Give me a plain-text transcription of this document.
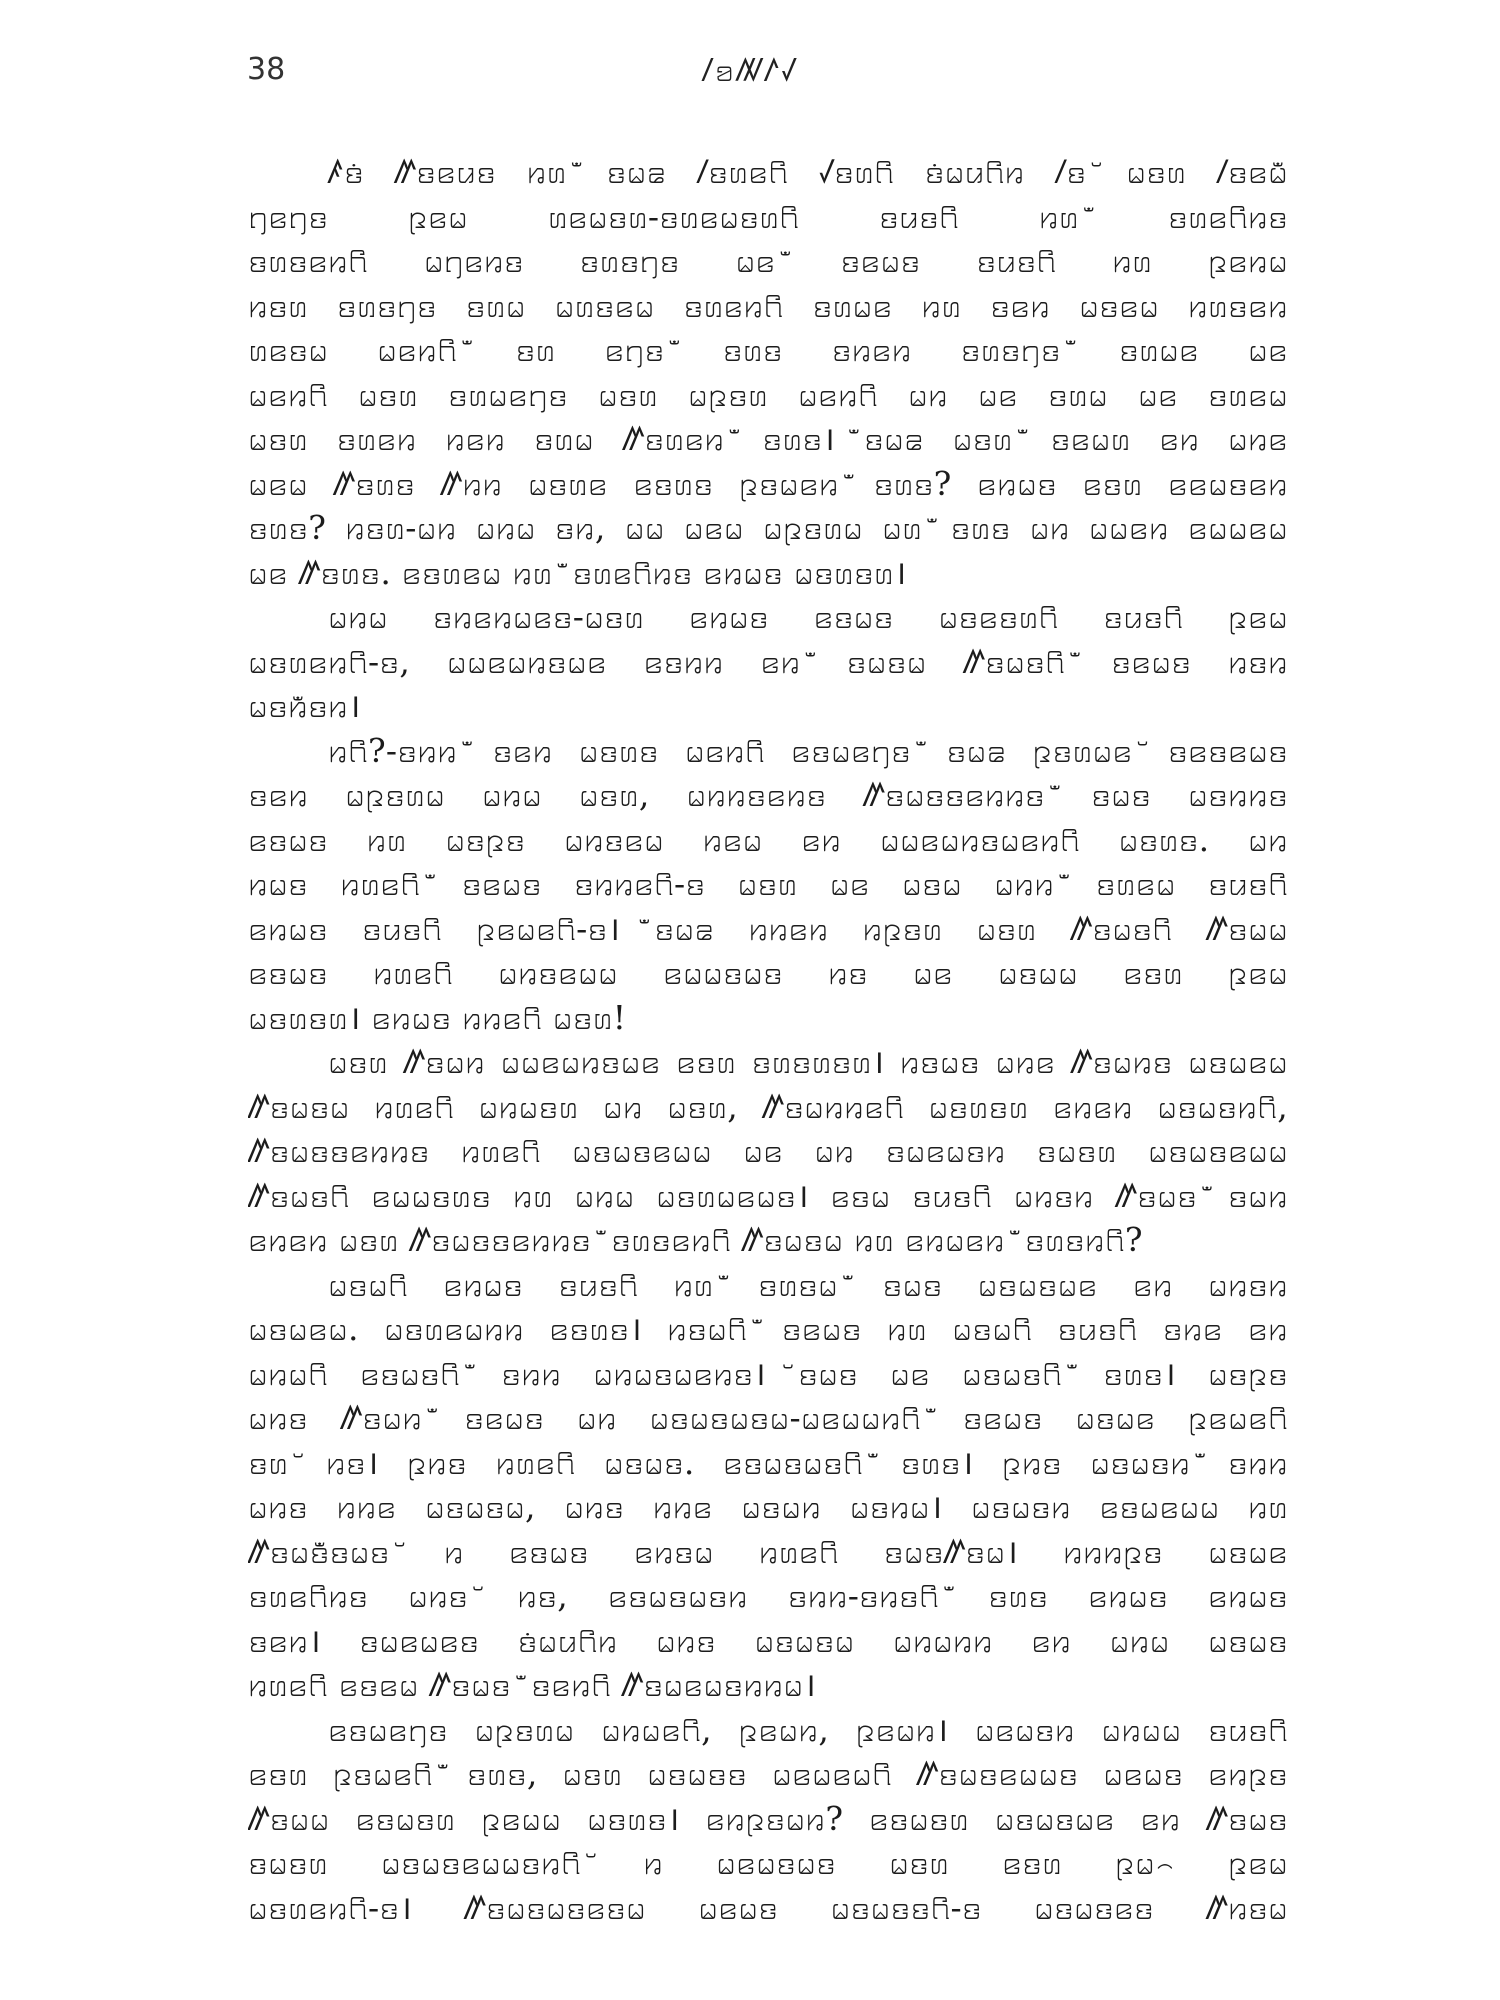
38	ꤷꤤꤲꤱꤶ
ꤰꤢꤦ ꤼꤢꤕꤣꤢ ꤙꤛ ꤪꤢꤗꤘ ꤷꤢꤛꤕꤖ ꤶꤢꤛꤖ ꤢꤦꤗꤣꤖꤙ ꤷꤢ ꤩꤗꤢꤛ ꤷꤢꤕꤗꤪ
ꤩꤚꤕꤚꤢ ꤐꤕꤗ ꤛꤕꤗꤢꤛ-ꤢꤛꤕꤗꤢꤛꤖ ꤢꤣꤢꤖ ꤙꤛ ꤪꤢꤛꤕꤖꤙꤢ
ꤢꤛꤢꤕꤙꤖ ꤗꤚꤕꤙꤢ ꤢꤛꤢꤚꤢ ꤗꤕ ꤪꤢꤕꤗꤢ ꤢꤣꤢꤖ ꤙꤛ ꤐꤕꤙꤗ
ꤙꤢꤛ ꤢꤛꤢꤚꤢ ꤢꤛꤗ ꤗꤛꤢꤕꤗ ꤢꤛꤕꤙꤖ ꤢꤛꤗꤕ ꤙꤛ ꤢꤕꤙ ꤗꤢꤕꤗ ꤙꤛꤢꤕꤙ
ꤩꤛꤕꤢꤗ ꤗꤕꤙꤖ ꤪꤢꤛ ꤕꤚꤢ ꤪꤢꤛꤢ ꤢꤙꤕꤙ ꤢꤛꤢꤚꤢ ꤪꤢꤛꤗꤕ ꤗꤕ
ꤗꤕꤙꤖ ꤗꤢꤛ ꤢꤛꤗꤕꤚꤢ ꤗꤢꤛ ꤗꤐꤢꤛ ꤗꤕꤙꤖ ꤗꤙ ꤗꤕ ꤢꤛꤗ ꤗꤕ ꤢꤛꤕꤗ
ꤗꤢꤛ ꤢꤛꤕꤙ ꤙꤕꤙ ꤢꤛꤗ ꤼꤢꤛꤕꤙ ꤪꤢꤛꤢ। ꤪꤢꤗꤘ ꤗꤢꤛ ꤪꤢꤕꤗꤛ ꤕꤙ ꤗꤙꤕ
ꤗꤕꤗ ꤼꤢꤛꤢ ꤼꤙꤙ ꤗꤢꤛꤕ ꤕꤢꤛꤢ ꤐꤢꤗꤕꤙ ꤪꤢꤛꤢ? ꤕꤙꤗꤢ ꤕꤢꤛ ꤕꤕꤗꤢꤕꤙ
ꤪꤢꤛꤢ? ꤙꤢꤛ-ꤗꤙ ꤗꤙꤗ ꤢꤙ, ꤗꤗ ꤗꤕꤗ ꤗꤐꤢꤛꤗ ꤗꤛ ꤪꤢꤛꤢ ꤗꤙ ꤗꤗꤕꤙ ꤕꤗꤗꤕꤗ
ꤗꤕ ꤼꤢꤛꤢ. ꤕꤢꤛꤕꤗ ꤙꤛ ꤪꤢꤛꤕꤖꤙꤢ ꤕꤙꤗꤢ ꤗꤢꤛꤢꤛ।
ꤗꤙꤗ ꤢꤙꤕꤙꤗꤕꤢ-ꤗꤢꤛ ꤕꤙꤗꤢ ꤕꤢꤗꤢ ꤗꤢꤕꤢꤛꤖ ꤢꤣꤢꤖ ꤐꤕꤗ
ꤗꤢꤛꤕꤙꤖ-ꤢ, ꤗꤗꤕꤗꤙꤢꤗꤕ ꤕꤢꤙꤙ ꤕꤙ ꤪꤢꤗꤢꤗ ꤼꤢꤗꤢꤖ ꤪꤢꤕꤗꤢ ꤙꤢꤙ
ꤗꤢꤙꤪꤢꤙ।
ꤙꤖ?-ꤢꤙꤙ ꤪꤢꤕꤙ ꤗꤢꤛꤢ ꤗꤕꤙꤖ ꤕꤢꤗꤕꤚꤢ ꤪꤢꤗꤘ ꤐꤢꤛꤗꤕ ꤩꤢꤕꤢꤕꤗꤢ
ꤪꤢꤕꤙ ꤗꤐꤢꤛꤗ ꤗꤙꤗ ꤗꤢꤛ, ꤗꤙꤙꤢꤕꤙꤢ ꤼꤢꤗꤢꤢꤕꤙꤙꤢ ꤪꤢꤗꤢ ꤗꤢꤙꤙꤢ
ꤕꤢꤗꤢ ꤙꤛ ꤗꤢꤐꤢ ꤗꤙꤢꤕꤗ ꤙꤕꤗ ꤕꤙ ꤗꤗꤕꤗꤙꤢꤗꤕꤙꤖ ꤗꤢꤛꤢ. ꤗꤙ
ꤙꤗꤢ ꤙꤛꤕꤖ ꤪꤢꤕꤗꤢ ꤢꤙꤙꤕꤖ-ꤢ ꤗꤢꤛ ꤗꤕ ꤗꤢꤗ ꤗꤙꤙ ꤪꤢꤛꤕꤗ ꤢꤣꤢꤖ
ꤕꤙꤗꤢ ꤢꤣꤢꤖ ꤐꤕꤗꤕꤖ-ꤢ। ꤪꤢꤗꤘ ꤙꤙꤕꤙ ꤙꤐꤢꤛ ꤗꤢꤛ ꤼꤢꤗꤢꤖ ꤼꤢꤗꤗ
ꤕꤢꤗꤢ ꤙꤛꤕꤖ ꤗꤙꤢꤕꤗꤗ ꤕꤗꤗꤢꤗꤢ ꤙꤢ ꤗꤕ ꤗꤢꤗꤗ ꤕꤢꤛ ꤐꤕꤗ
ꤗꤢꤛꤢꤛ। ꤕꤙꤗꤢ ꤙꤙꤕꤖ ꤗꤢꤛ!
ꤗꤢꤛ ꤼꤢꤗꤙ ꤗꤗꤕꤗꤙꤢꤗꤕ ꤕꤢꤛ ꤢꤛꤢꤛꤢꤛ। ꤙꤢꤗꤢ ꤗꤙꤕ ꤼꤢꤗꤙꤢ ꤗꤢꤗꤕꤗ
ꤼꤢꤗꤢꤗ ꤙꤛꤕꤖ ꤗꤙꤗꤢꤛ ꤗꤙ ꤗꤢꤛ, ꤼꤢꤗꤙꤙꤕꤖ ꤗꤢꤛꤢꤛ ꤕꤙꤕꤙ ꤗꤢꤗꤢꤙꤖ,
ꤼꤢꤗꤢꤢꤕꤙꤙꤢ ꤙꤛꤕꤖ ꤗꤢꤗꤢꤕꤗꤗ ꤗꤕ ꤗꤙ ꤢꤗꤕꤗꤢꤙ ꤢꤗꤢꤛ ꤗꤢꤗꤢꤕꤗꤗ
ꤼꤢꤗꤢꤖ ꤕꤗꤗꤢꤛꤢ ꤙꤛ ꤗꤙꤗ ꤗꤢꤛꤗꤕꤗꤢ। ꤕꤢꤗ ꤢꤣꤢꤖ ꤗꤙꤢꤙ ꤼꤢꤗꤢ ꤪꤢꤗꤙ
ꤕꤙꤕꤙ ꤗꤢꤛ ꤼꤢꤗꤢꤢꤕꤙꤙꤢ ꤪꤢꤛꤢꤕꤙꤖ ꤼꤢꤗꤢꤗ ꤙꤛ ꤕꤙꤗꤕꤙ ꤪꤢꤛꤢꤙꤖ?
ꤗꤢꤗꤖ ꤕꤙꤗꤢ ꤢꤣꤢꤖ ꤙꤛ ꤪꤢꤛꤢꤗ ꤪꤢꤗꤢ ꤗꤢꤗꤢꤗꤕ ꤕꤙ ꤗꤙꤢꤙ
ꤗꤢꤗꤕꤗ. ꤗꤢꤛꤕꤗꤙꤙ ꤕꤢꤛꤢ। ꤙꤢꤗꤖ ꤪꤢꤕꤗꤢ ꤙꤛ ꤗꤢꤗꤖ ꤢꤣꤢꤖ ꤢꤙꤕ ꤕꤙ
ꤗꤙꤗꤖ ꤕꤢꤗꤢꤖ ꤪꤢꤙꤙ ꤗꤙꤗꤢꤗꤕꤙꤢ। ꤩꤢꤗꤢ ꤗꤕ ꤗꤢꤗꤢꤖ ꤪꤢꤛꤢ। ꤗꤢꤐꤢ
ꤗꤙꤢ ꤼꤢꤗꤙ ꤪꤢꤕꤗꤢ ꤗꤙ ꤗꤢꤗꤢꤗꤢꤗ-ꤗꤕꤗꤗꤙꤖ ꤪꤢꤕꤗꤢ ꤗꤢꤗꤕ ꤐꤕꤗꤕꤖ
ꤪꤢꤛ ꤩꤙꤢ। ꤐꤙꤢ ꤙꤛꤕꤖ ꤗꤢꤗꤢ. ꤕꤢꤗꤢꤗꤢꤖ ꤪꤢꤛꤢ। ꤐꤙꤢ ꤗꤢꤗꤢꤙ ꤪꤢꤙꤙ
ꤗꤙꤢ ꤙꤙꤕ ꤗꤢꤗꤢꤗ, ꤗꤙꤢ ꤙꤙꤕ ꤗꤢꤗꤙ ꤗꤢꤙꤗ। ꤗꤢꤗꤢꤙ ꤕꤢꤗꤕꤗꤗ ꤙꤛ
ꤼꤢꤗꤢꤪꤢꤗꤢ ꤩꤙ ꤕꤢꤗꤢ ꤕꤙꤢꤗ ꤙꤛꤕꤖ ꤢꤗꤢꤼꤢꤗ। ꤙꤙꤙꤐꤢ ꤗꤢꤗꤕ
ꤪꤢꤛꤕꤖꤙꤢ ꤗꤙꤢ ꤩꤙꤢ, ꤕꤢꤗꤢꤗꤢꤙ ꤢꤙꤙ-ꤢꤙꤢꤖ ꤪꤢꤛꤢ ꤕꤙꤗꤢ ꤕꤙꤗꤢ
ꤪꤢꤕꤙ। ꤢꤗꤕꤗꤕꤢ ꤢꤦꤗꤣꤖꤙ ꤗꤙꤢ ꤗꤢꤗꤢꤗ ꤗꤙꤗꤙꤙ ꤕꤙ ꤗꤙꤗ ꤗꤢꤗꤢ
ꤙꤛꤕꤖ ꤕꤢꤕꤗ ꤼꤢꤗꤢ ꤪꤢꤕꤙꤖ ꤼꤢꤗꤕꤗꤢꤙꤙꤗ।
ꤕꤢꤗꤕꤚꤢ ꤗꤐꤢꤛꤗ ꤗꤙꤗꤕꤖ, ꤐꤕꤗꤙ, ꤐꤕꤗꤙ। ꤗꤕꤗꤢꤙ ꤗꤙꤗꤗ ꤢꤣꤢꤖ
ꤕꤢꤛ ꤐꤢꤗꤕꤖ ꤪꤢꤛꤢ, ꤗꤢꤛ ꤗꤢꤗꤢꤢ ꤗꤕꤗꤕꤗꤖ ꤼꤢꤗꤢꤕꤗꤗꤢ ꤗꤕꤗꤢ ꤕꤙꤐꤢ
ꤼꤢꤗꤗ ꤕꤢꤗꤢꤛ ꤐꤕꤗꤗ ꤗꤢꤛꤢ। ꤕꤙꤐꤢꤗꤙ? ꤕꤢꤗꤢꤛ ꤗꤢꤗꤢꤗꤕ ꤕꤙ ꤼꤢꤗꤢ
ꤢꤗꤢꤛ ꤗꤢꤗꤢꤕꤗꤗꤢꤙꤖ ꤩꤙ ꤗꤕꤗꤢꤗꤢ ꤗꤢꤛ ꤕꤢꤛ ꤐꤗ꤮ ꤐꤕꤗ
ꤗꤢꤛꤕꤙꤖ-ꤢ। ꤼꤢꤗꤢꤗꤢꤕꤢꤗ ꤗꤕꤗꤢ ꤗꤢꤗꤢꤢꤖ-ꤢ ꤗꤢꤗꤢꤕꤢ ꤼꤙꤢꤗ
